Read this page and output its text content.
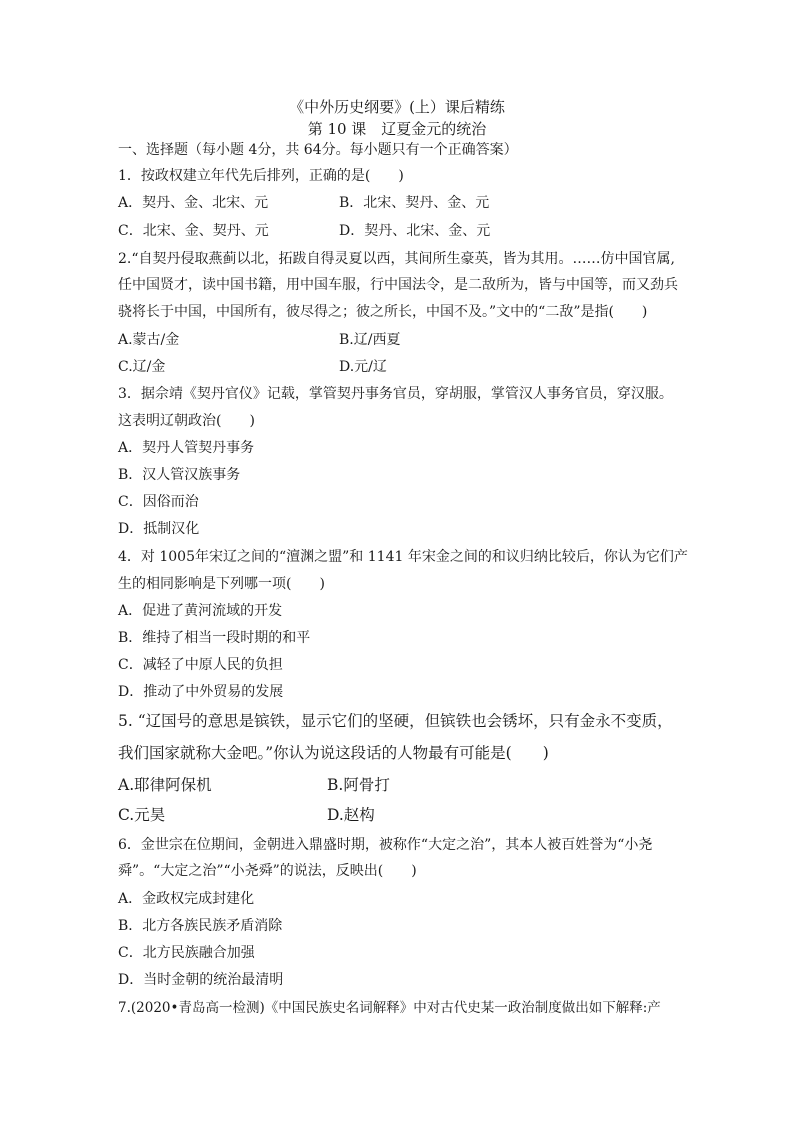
《中外历史纲要》(上）课后精练
第 10 课　辽夏金元的统治
一、选择题（每小题 4分，共 64分。每小题只有一个正确答案）
1．按政权建立年代先后排列，正确的是(　　)
A．契丹、金、北宋、元	B．北宋、契丹、金、元
C．北宋、金、契丹、元	D．契丹、北宋、金、元
2.“自契丹侵取燕蓟以北，拓跋自得灵夏以西，其间所生豪英，皆为其用。……仿中国官属,
任中国贤才，读中国书籍，用中国车服，行中国法令，是二敌所为，皆与中国等，而又劲兵
骁将长于中国，中国所有，彼尽得之；彼之所长，中国不及。”文中的“二敌”是指(　　)
A.蒙古/金	B.辽/西夏
C.辽/金	D.元/辽
3．据佘靖《契丹官仪》记载，掌管契丹事务官员，穿胡服，掌管汉人事务官员，穿汉服。
这表明辽朝政治(　　)
A．契丹人管契丹事务
B．汉人管汉族事务
C．因俗而治
D．抵制汉化
4．对 1005年宋辽之间的“澶渊之盟”和 1141 年宋金之间的和议归纳比较后，你认为它们产
生的相同影响是下列哪一项(　　)
A．促进了黄河流域的开发
B．维持了相当一段时期的和平
C．减轻了中原人民的负担
D．推动了中外贸易的发展
5. “辽国号的意思是镔铁，显示它们的坚硬，但镔铁也会锈坏，只有金永不变质，
我们国家就称大金吧。”你认为说这段话的人物最有可能是(　　)
A.耶律阿保机	B.阿骨打
C.元昊	D.赵构
6．金世宗在位期间，金朝进入鼎盛时期，被称作“大定之治”，其本人被百姓誉为“小尧
舜”。“大定之治”“小尧舜”的说法，反映出(　　)
A．金政权完成封建化
B．北方各族民族矛盾消除
C．北方民族融合加强
D．当时金朝的统治最清明
7.(2020•青岛高一检测)《中国民族史名词解释》中对古代史某一政治制度做出如下解释:产
